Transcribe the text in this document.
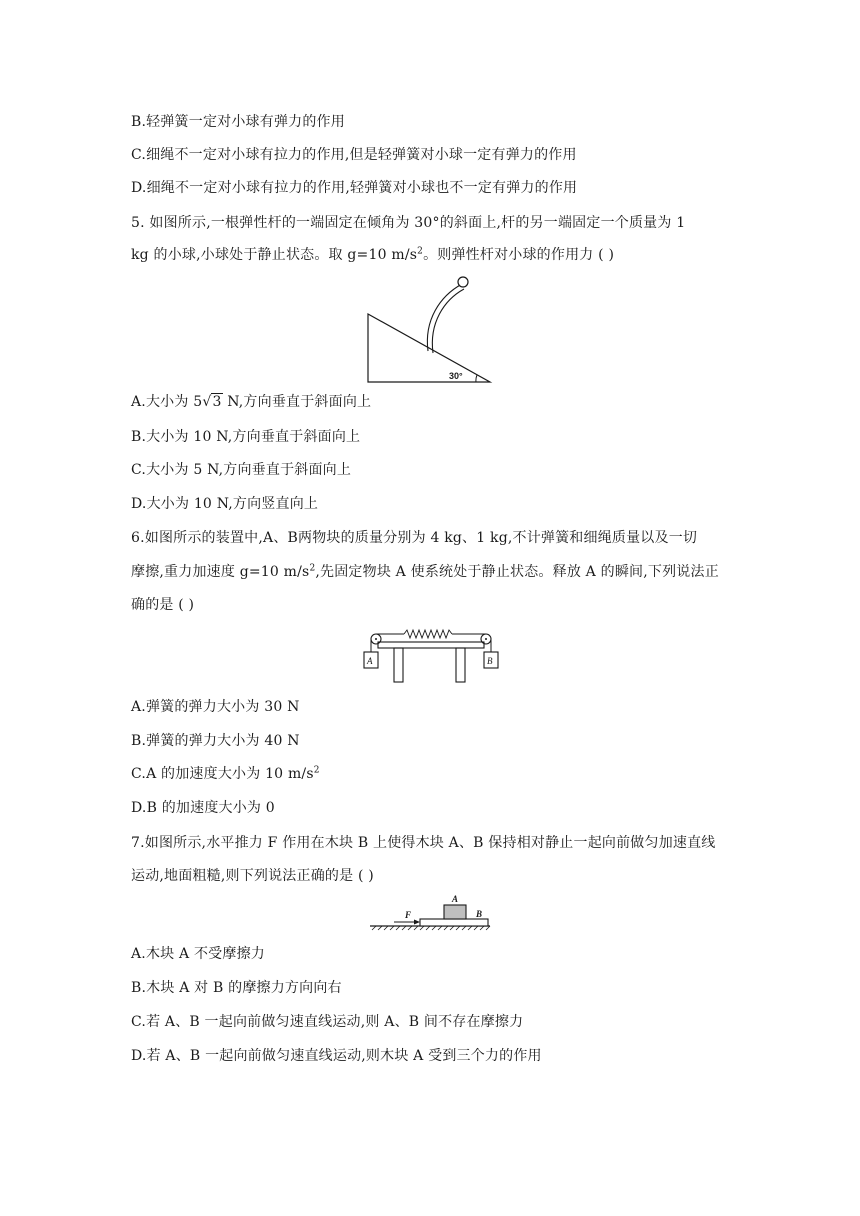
B.轻弹簧一定对小球有弹力的作用
C.细绳不一定对小球有拉力的作用,但是轻弹簧对小球一定有弹力的作用
D.细绳不一定对小球有拉力的作用,轻弹簧对小球也不一定有弹力的作用
5. 如图所示,一根弹性杆的一端固定在倾角为 30°的斜面上,杆的另一端固定一个质量为 1
kg 的小球,小球处于静止状态。取 g=10 $m/s^2$。则弹性杆对小球的作用力 ( )
30°
A.大小为 5√3 N,方向垂直于斜面向上
B.大小为 10 N,方向垂直于斜面向上
C.大小为 5 N,方向垂直于斜面向上
D.大小为 10 N,方向竖直向上
6.如图所示的装置中,A、B两物块的质量分别为 4 kg、1 kg,不计弹簧和细绳质量以及一切
摩擦,重力加速度 g=10 $m/s^2$,先固定物块 A 使系统处于静止状态。释放 A 的瞬间,下列说法正
确的是 ( )
A	B
A.弹簧的弹力大小为 30 N
B.弹簧的弹力大小为 40 N
C.A 的加速度大小为 10 $m/s^2$
D.B 的加速度大小为 0
7.如图所示,水平推力 F 作用在木块 B 上使得木块 A、B 保持相对静止一起向前做匀加速直线
运动,地面粗糙,则下列说法正确的是 ( )
F
A
B
A.木块 A 不受摩擦力
B.木块 A 对 B 的摩擦力方向向右
C.若 A、B 一起向前做匀速直线运动,则 A、B 间不存在摩擦力
D.若 A、B 一起向前做匀速直线运动,则木块 A 受到三个力的作用
